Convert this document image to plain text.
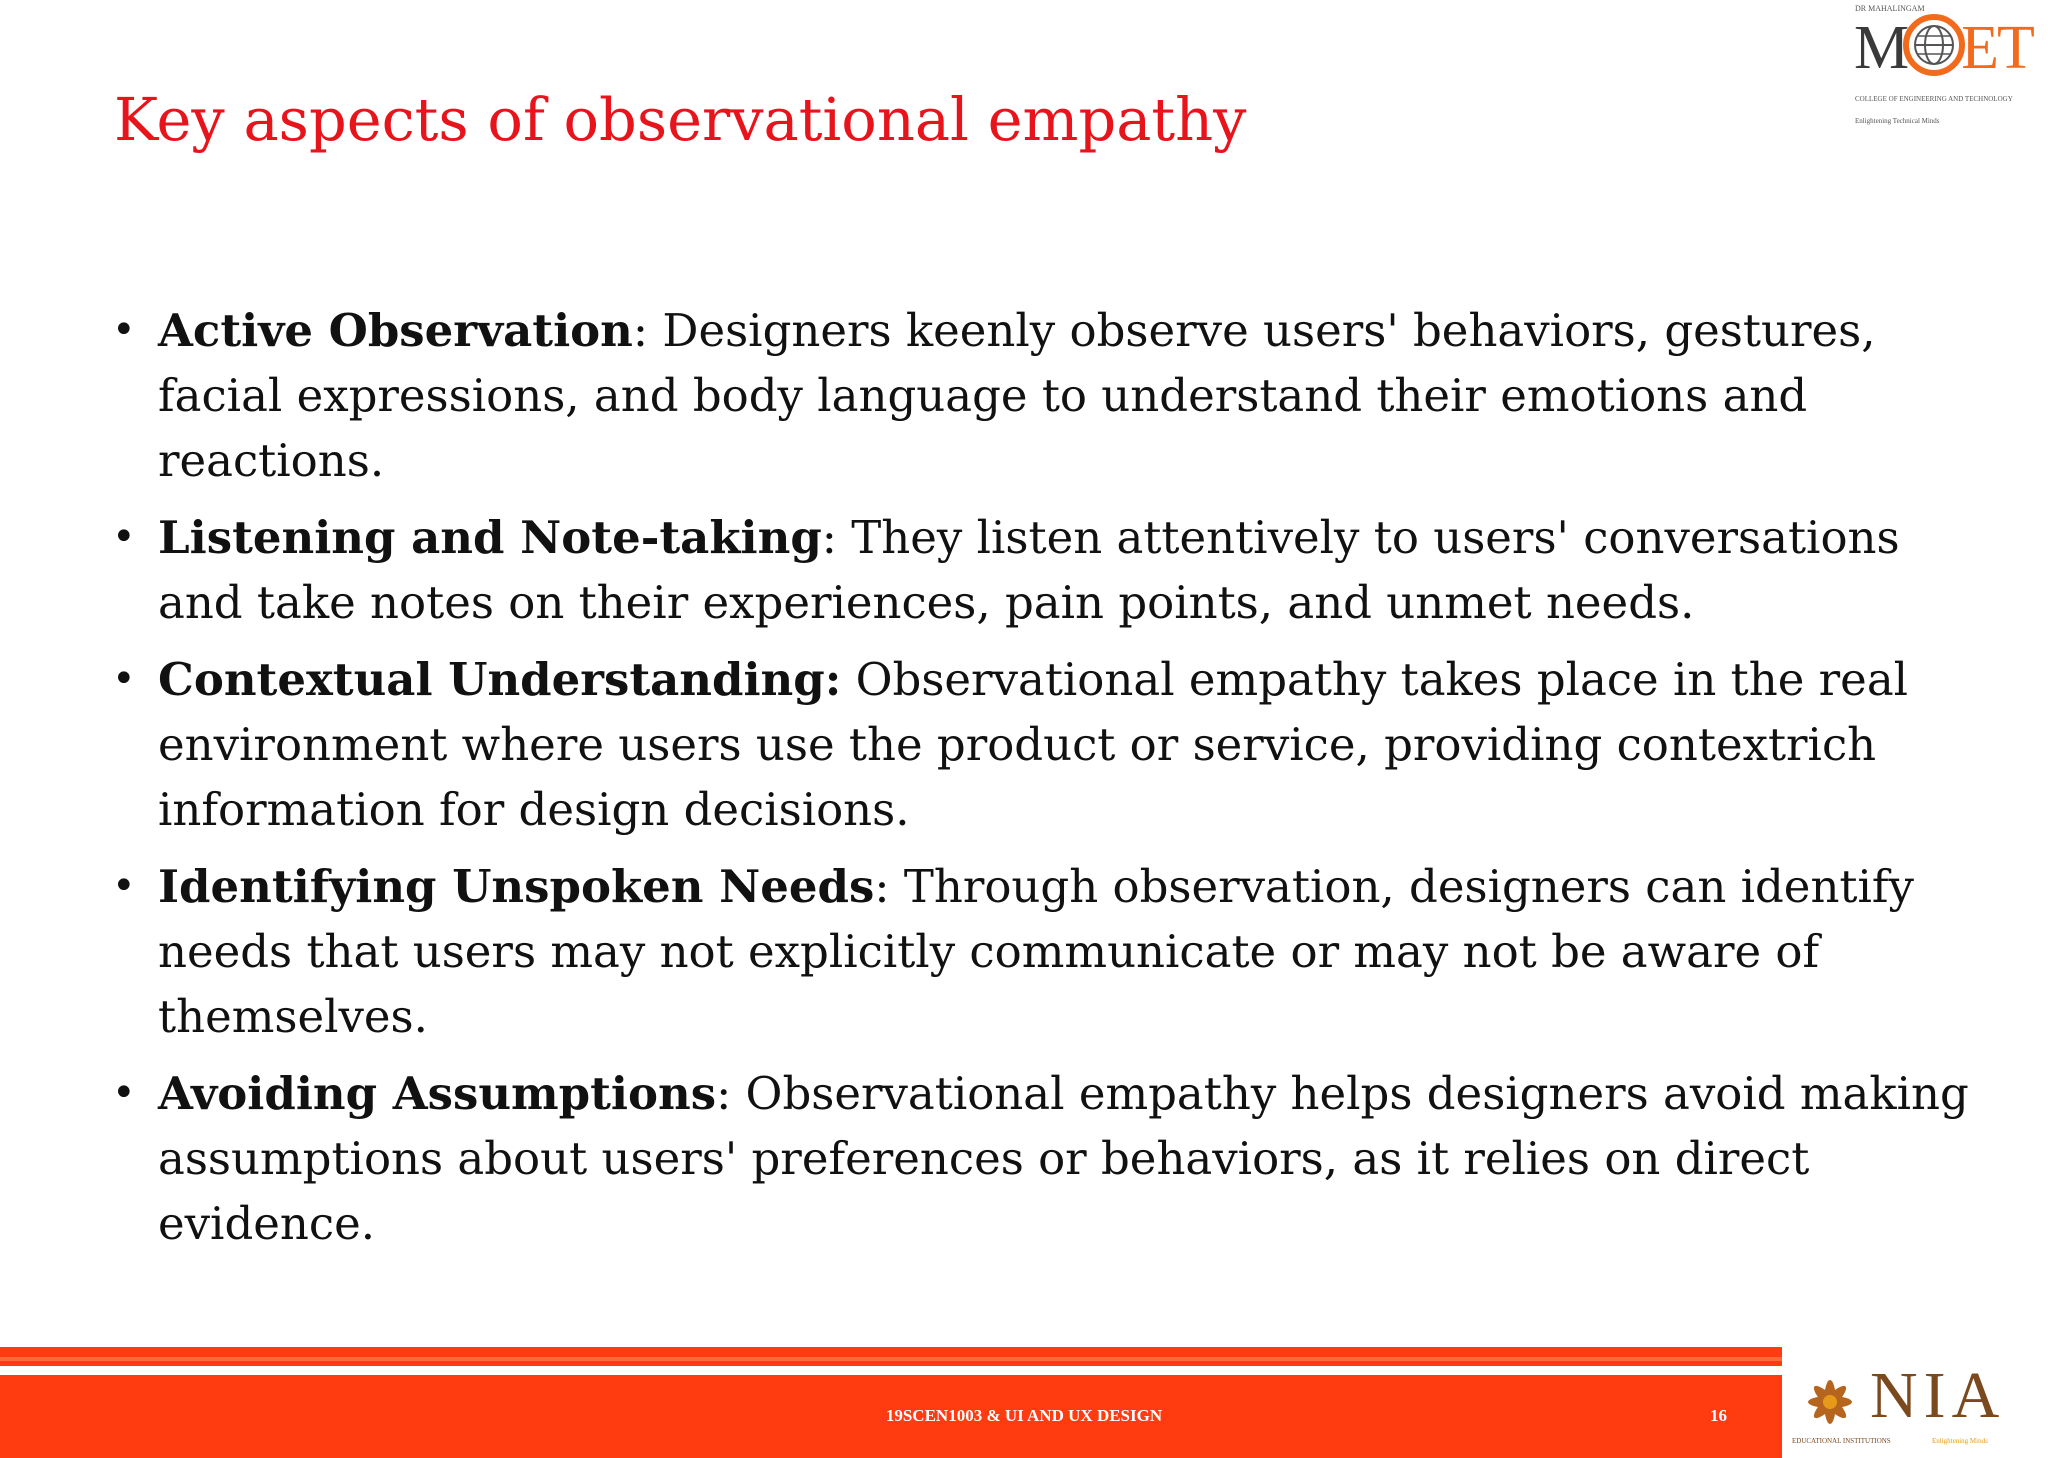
Key aspects of observational empathy
DR MAHALINGAM
M ET
COLLEGE OF ENGINEERING AND TECHNOLOGY
Enlightening Technical Minds
• Active Observation: Designers keenly observe users' behaviors, gestures, facial expressions, and body language to understand their emotions and reactions.
• Listening and Note-taking: They listen attentively to users' conversations and take notes on their experiences, pain points, and unmet needs.
• Contextual Understanding: Observational empathy takes place in the real environment where users use the product or service, providing contextrich information for design decisions.
• Identifying Unspoken Needs: Through observation, designers can identify needs that users may not explicitly communicate or may not be aware of themselves.
• Avoiding Assumptions: Observational empathy helps designers avoid making assumptions about users' preferences or behaviors, as it relies on direct evidence.
19SCEN1003 & UI AND UX DESIGN	16 NIA
EDUCATIONAL INSTITUTIONS	Enlightening Minds
